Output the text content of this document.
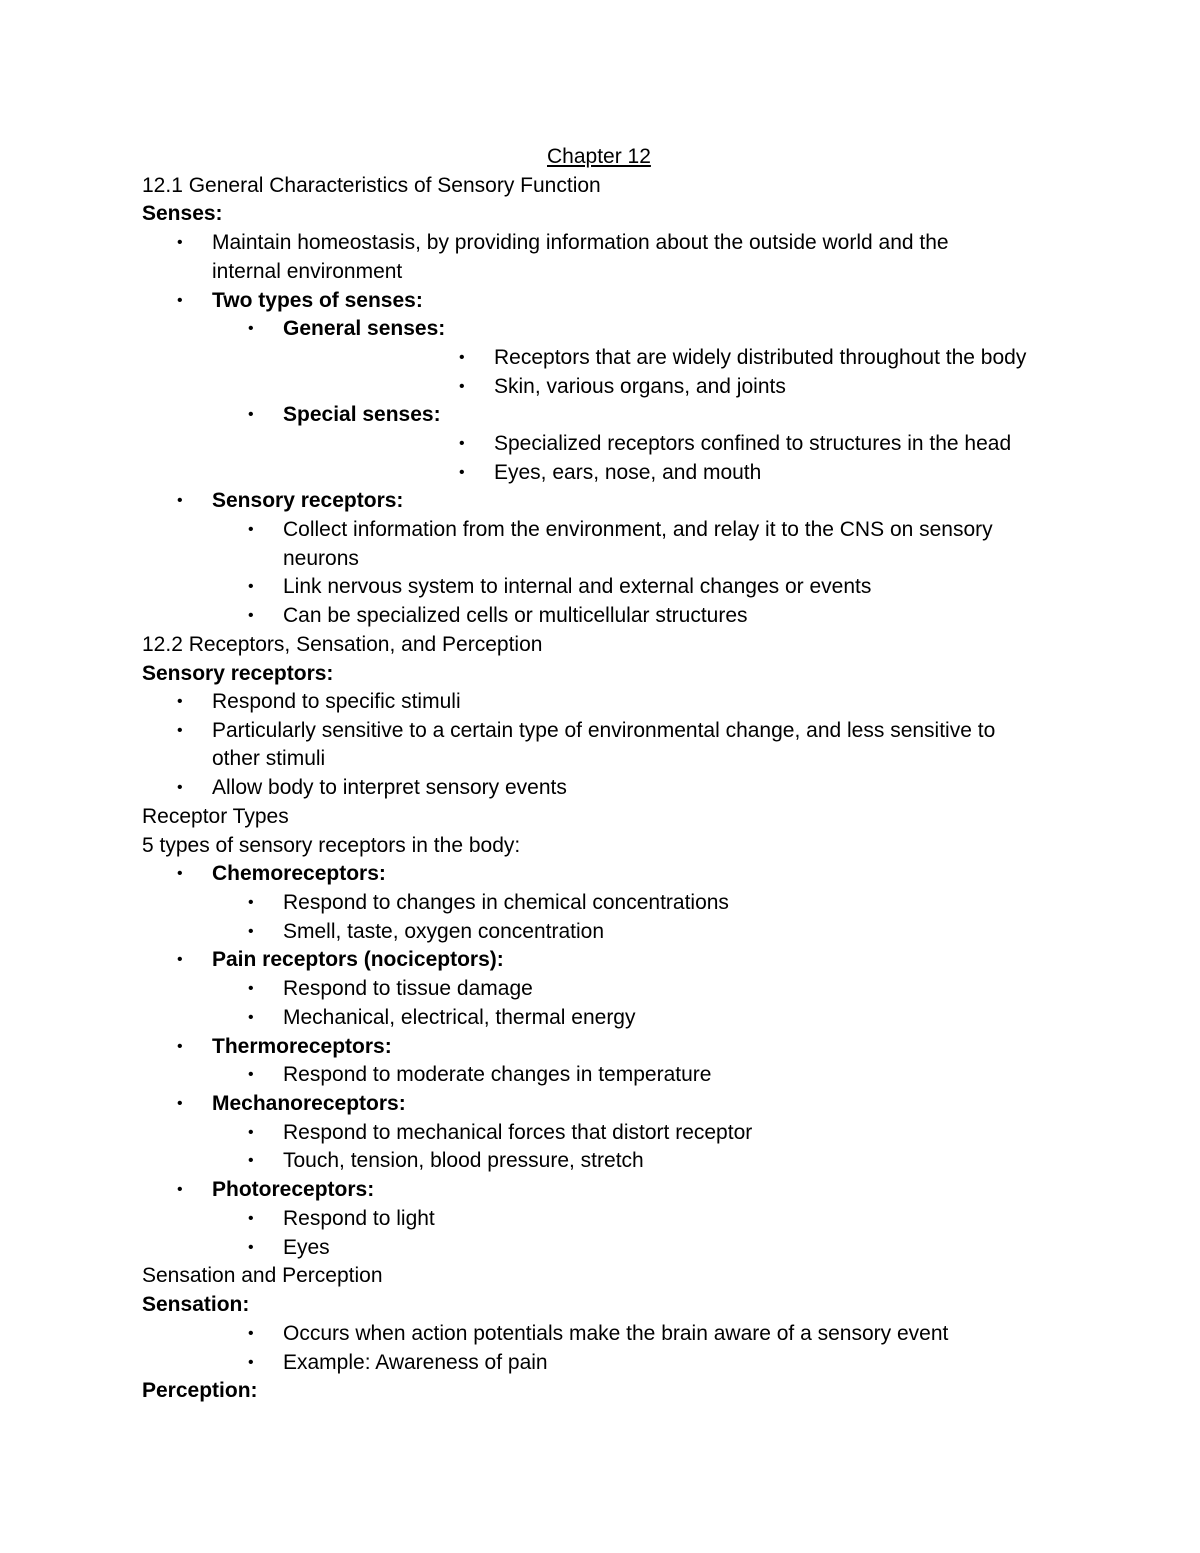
Chapter 12
12.1 General Characteristics of Sensory Function
Senses:
• Maintain homeostasis, by providing information about the outside world and the
internal environment
• Two types of senses:
• General senses:
• Receptors that are widely distributed throughout the body
• Skin, various organs, and joints
• Special senses:
• Specialized receptors confined to structures in the head
• Eyes, ears, nose, and mouth
• Sensory receptors:
• Collect information from the environment, and relay it to the CNS on sensory
neurons
• Link nervous system to internal and external changes or events
• Can be specialized cells or multicellular structures
12.2 Receptors, Sensation, and Perception
Sensory receptors:
• Respond to specific stimuli
• Particularly sensitive to a certain type of environmental change, and less sensitive to
other stimuli
• Allow body to interpret sensory events
Receptor Types
5 types of sensory receptors in the body:
• Chemoreceptors:
• Respond to changes in chemical concentrations
• Smell, taste, oxygen concentration
• Pain receptors (nociceptors):
• Respond to tissue damage
• Mechanical, electrical, thermal energy
• Thermoreceptors:
• Respond to moderate changes in temperature
• Mechanoreceptors:
• Respond to mechanical forces that distort receptor
• Touch, tension, blood pressure, stretch
• Photoreceptors:
• Respond to light
• Eyes
Sensation and Perception
Sensation:
• Occurs when action potentials make the brain aware of a sensory event
• Example: Awareness of pain
Perception:
